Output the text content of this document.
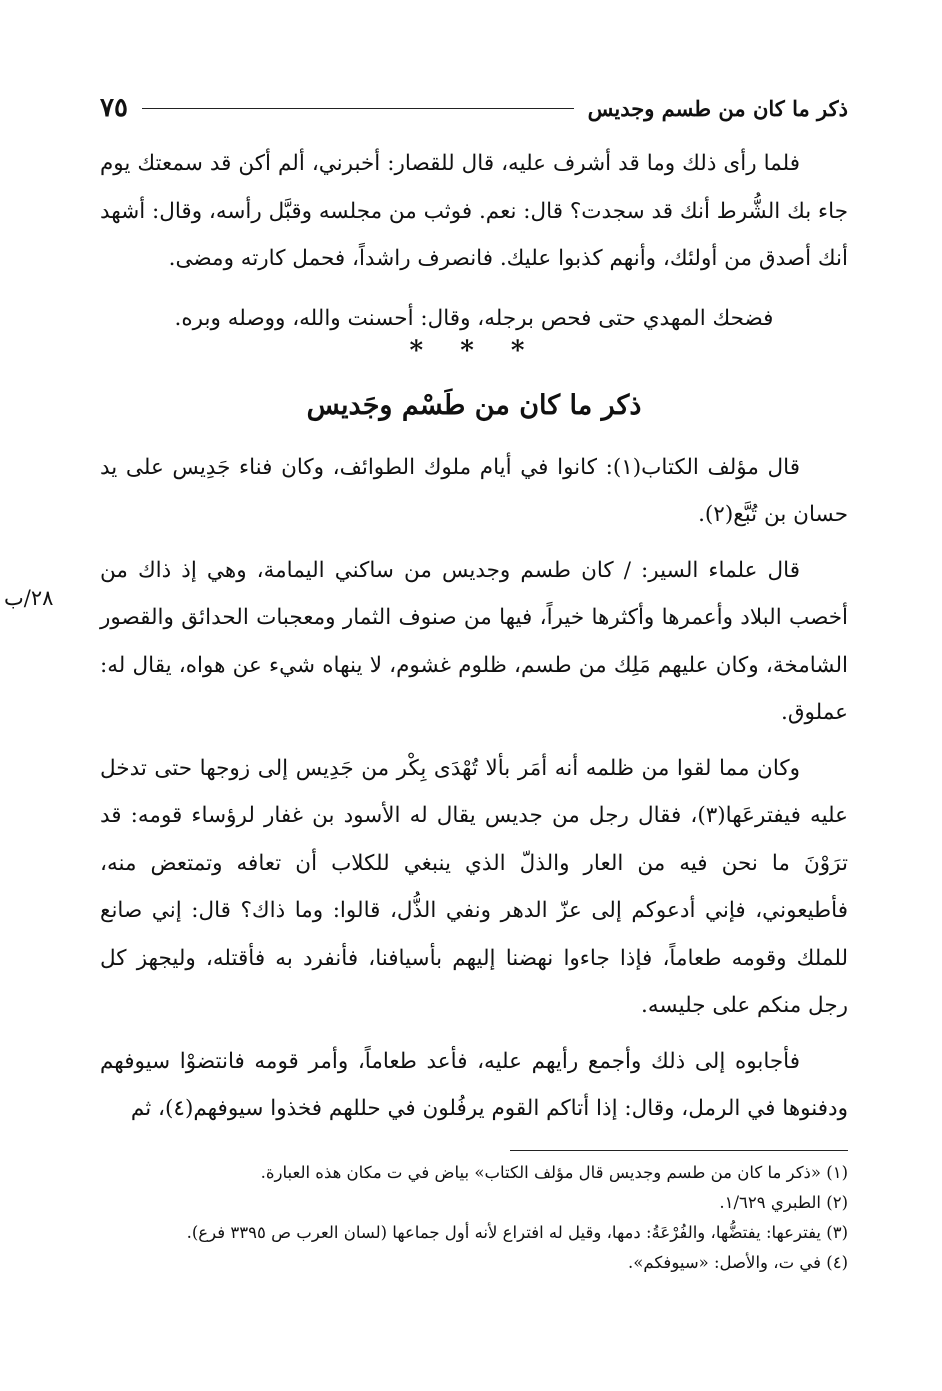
ذكر ما كان من طسم وجديس
٧٥
٢٨/ب

فلما رأى ذلك وما قد أشرف عليه، قال للقصار: أخبرني، ألم أكن قد سمعتك يوم جاء بك الشُّرط أنك قد سجدت؟ قال: نعم. فوثب من مجلسه وقبَّل رأسه، وقال: أشهد أنك أصدق من أولئك، وأنهم كذبوا عليك. فانصرف راشداً، فحمل كارته ومضى.

فضحك المهدي حتى فحص برجله، وقال: أحسنت والله، ووصله وبره.

* * *
ذكر ما كان من طَسْم وجَديس

قال مؤلف الكتاب(١): كانوا في أيام ملوك الطوائف، وكان فناء جَدِيس على يد حسان بن تُبَّع(٢).

قال علماء السير: / كان طسم وجديس من ساكني اليمامة، وهي إذ ذاك من أخصب البلاد وأعمرها وأكثرها خيراً، فيها من صنوف الثمار ومعجبات الحدائق والقصور الشامخة، وكان عليهم مَلِك من طسم، ظلوم غشوم، لا ينهاه شيء عن هواه، يقال له: عملوق.

وكان مما لقوا من ظلمه أنه أمَر بألا تُهْدَى بِكْر من جَدِيس إلى زوجها حتى تدخل عليه فيفترعَها(٣)، فقال رجل من جديس يقال له الأسود بن غفار لرؤساء قومه: قد ترَوْنَ ما نحن فيه من العار والذلّ الذي ينبغي للكلاب أن تعافه وتمتعض منه، فأطيعوني، فإني أدعوكم إلى عزّ الدهر ونفي الذُّل، قالوا: وما ذاك؟ قال: إني صانع للملك وقومه طعاماً، فإذا جاءوا نهضنا إليهم بأسيافنا، فأنفرد به فأقتله، وليجهز كل رجل منكم على جليسه.

فأجابوه إلى ذلك وأجمع رأيهم عليه، فأعد طعاماً، وأمر قومه فانتضوْا سيوفهم ودفنوها في الرمل، وقال: إذا أتاكم القوم يرفُلون في حللهم فخذوا سيوفهم(٤)، ثم

(١) «ذكر ما كان من طسم وجديس قال مؤلف الكتاب» بياض في ت مكان هذه العبارة.

(٢) الطبري ١/٦٢٩.

(٣) يفترعها: يفتضُّها، والفُرْعَةُ: دمها، وقيل له افتراع لأنه أول جماعها (لسان العرب ص ٣٣٩٥ فرع).

(٤) في ت، والأصل: «سيوفكم».
